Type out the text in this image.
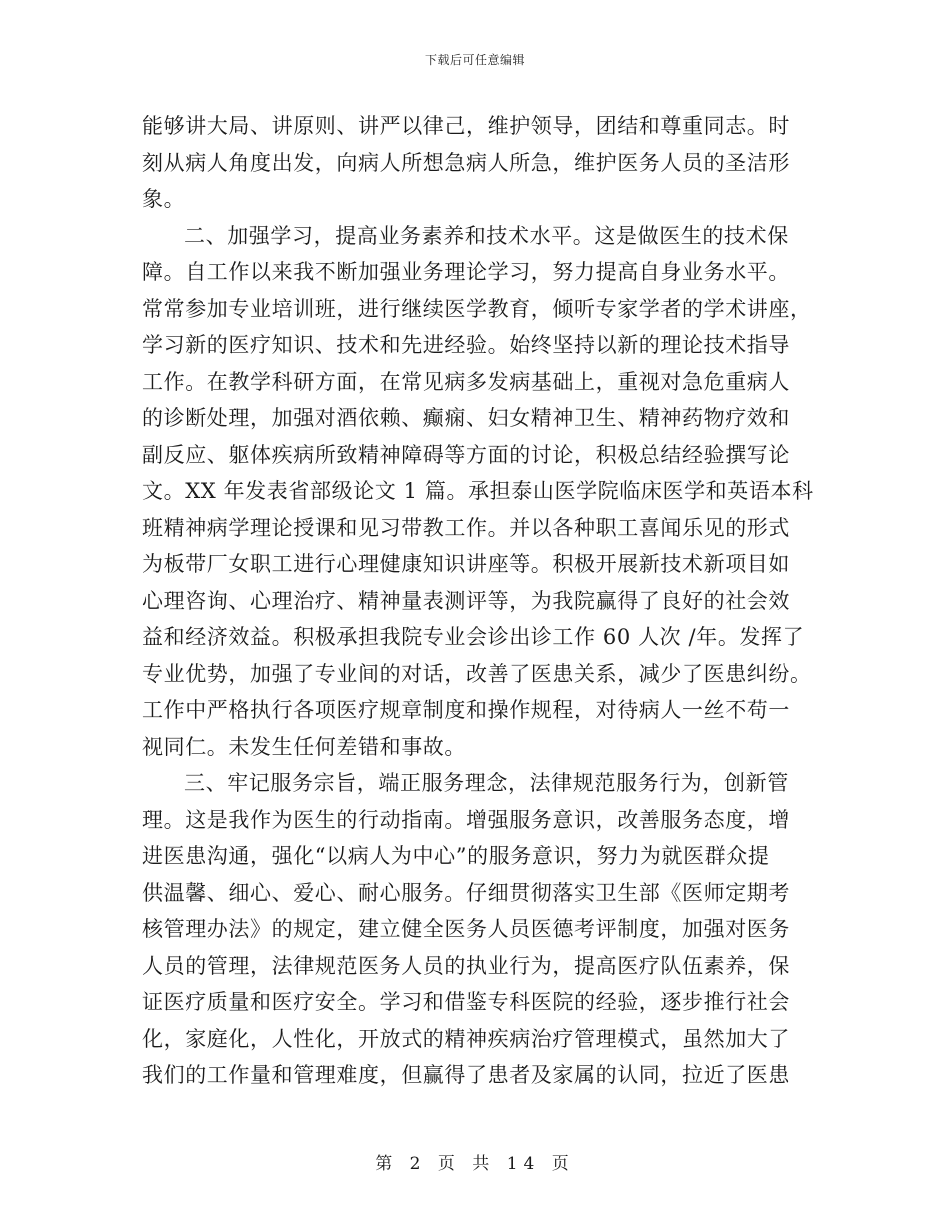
下载后可任意编辑
能够讲大局、讲原则、讲严以律己，维护领导，团结和尊重同志。时
刻从病人角度出发，向病人所想急病人所急，维护医务人员的圣洁形
象。
二、加强学习，提高业务素养和技术水平。这是做医生的技术保
障。自工作以来我不断加强业务理论学习，努力提高自身业务水平。
常常参加专业培训班，进行继续医学教育，倾听专家学者的学术讲座，
学习新的医疗知识、技术和先进经验。始终坚持以新的理论技术指导
工作。在教学科研方面，在常见病多发病基础上，重视对急危重病人
的诊断处理，加强对酒依赖、癫痫、妇女精神卫生、精神药物疗效和
副反应、躯体疾病所致精神障碍等方面的讨论，积极总结经验撰写论
文。XX 年发表省部级论文 1 篇。承担泰山医学院临床医学和英语本科
班精神病学理论授课和见习带教工作。并以各种职工喜闻乐见的形式
为板带厂女职工进行心理健康知识讲座等。积极开展新技术新项目如
心理咨询、心理治疗、精神量表测评等，为我院赢得了良好的社会效
益和经济效益。积极承担我院专业会诊出诊工作 60 人次 /年。发挥了
专业优势，加强了专业间的对话，改善了医患关系，减少了医患纠纷。
工作中严格执行各项医疗规章制度和操作规程，对待病人一丝不苟一
视同仁。未发生任何差错和事故。
三、牢记服务宗旨，端正服务理念，法律规范服务行为，创新管
理。这是我作为医生的行动指南。增强服务意识，改善服务态度，增
进医患沟通，强化“以病人为中心”的服务意识，努力为就医群众提
供温馨、细心、爱心、耐心服务。仔细贯彻落实卫生部《医师定期考
核管理办法》的规定，建立健全医务人员医德考评制度，加强对医务
人员的管理，法律规范医务人员的执业行为，提高医疗队伍素养，保
证医疗质量和医疗安全。学习和借鉴专科医院的经验，逐步推行社会
化，家庭化，人性化，开放式的精神疾病治疗管理模式，虽然加大了
我们的工作量和管理难度，但赢得了患者及家属的认同，拉近了医患
第 2 页 共 14 页
